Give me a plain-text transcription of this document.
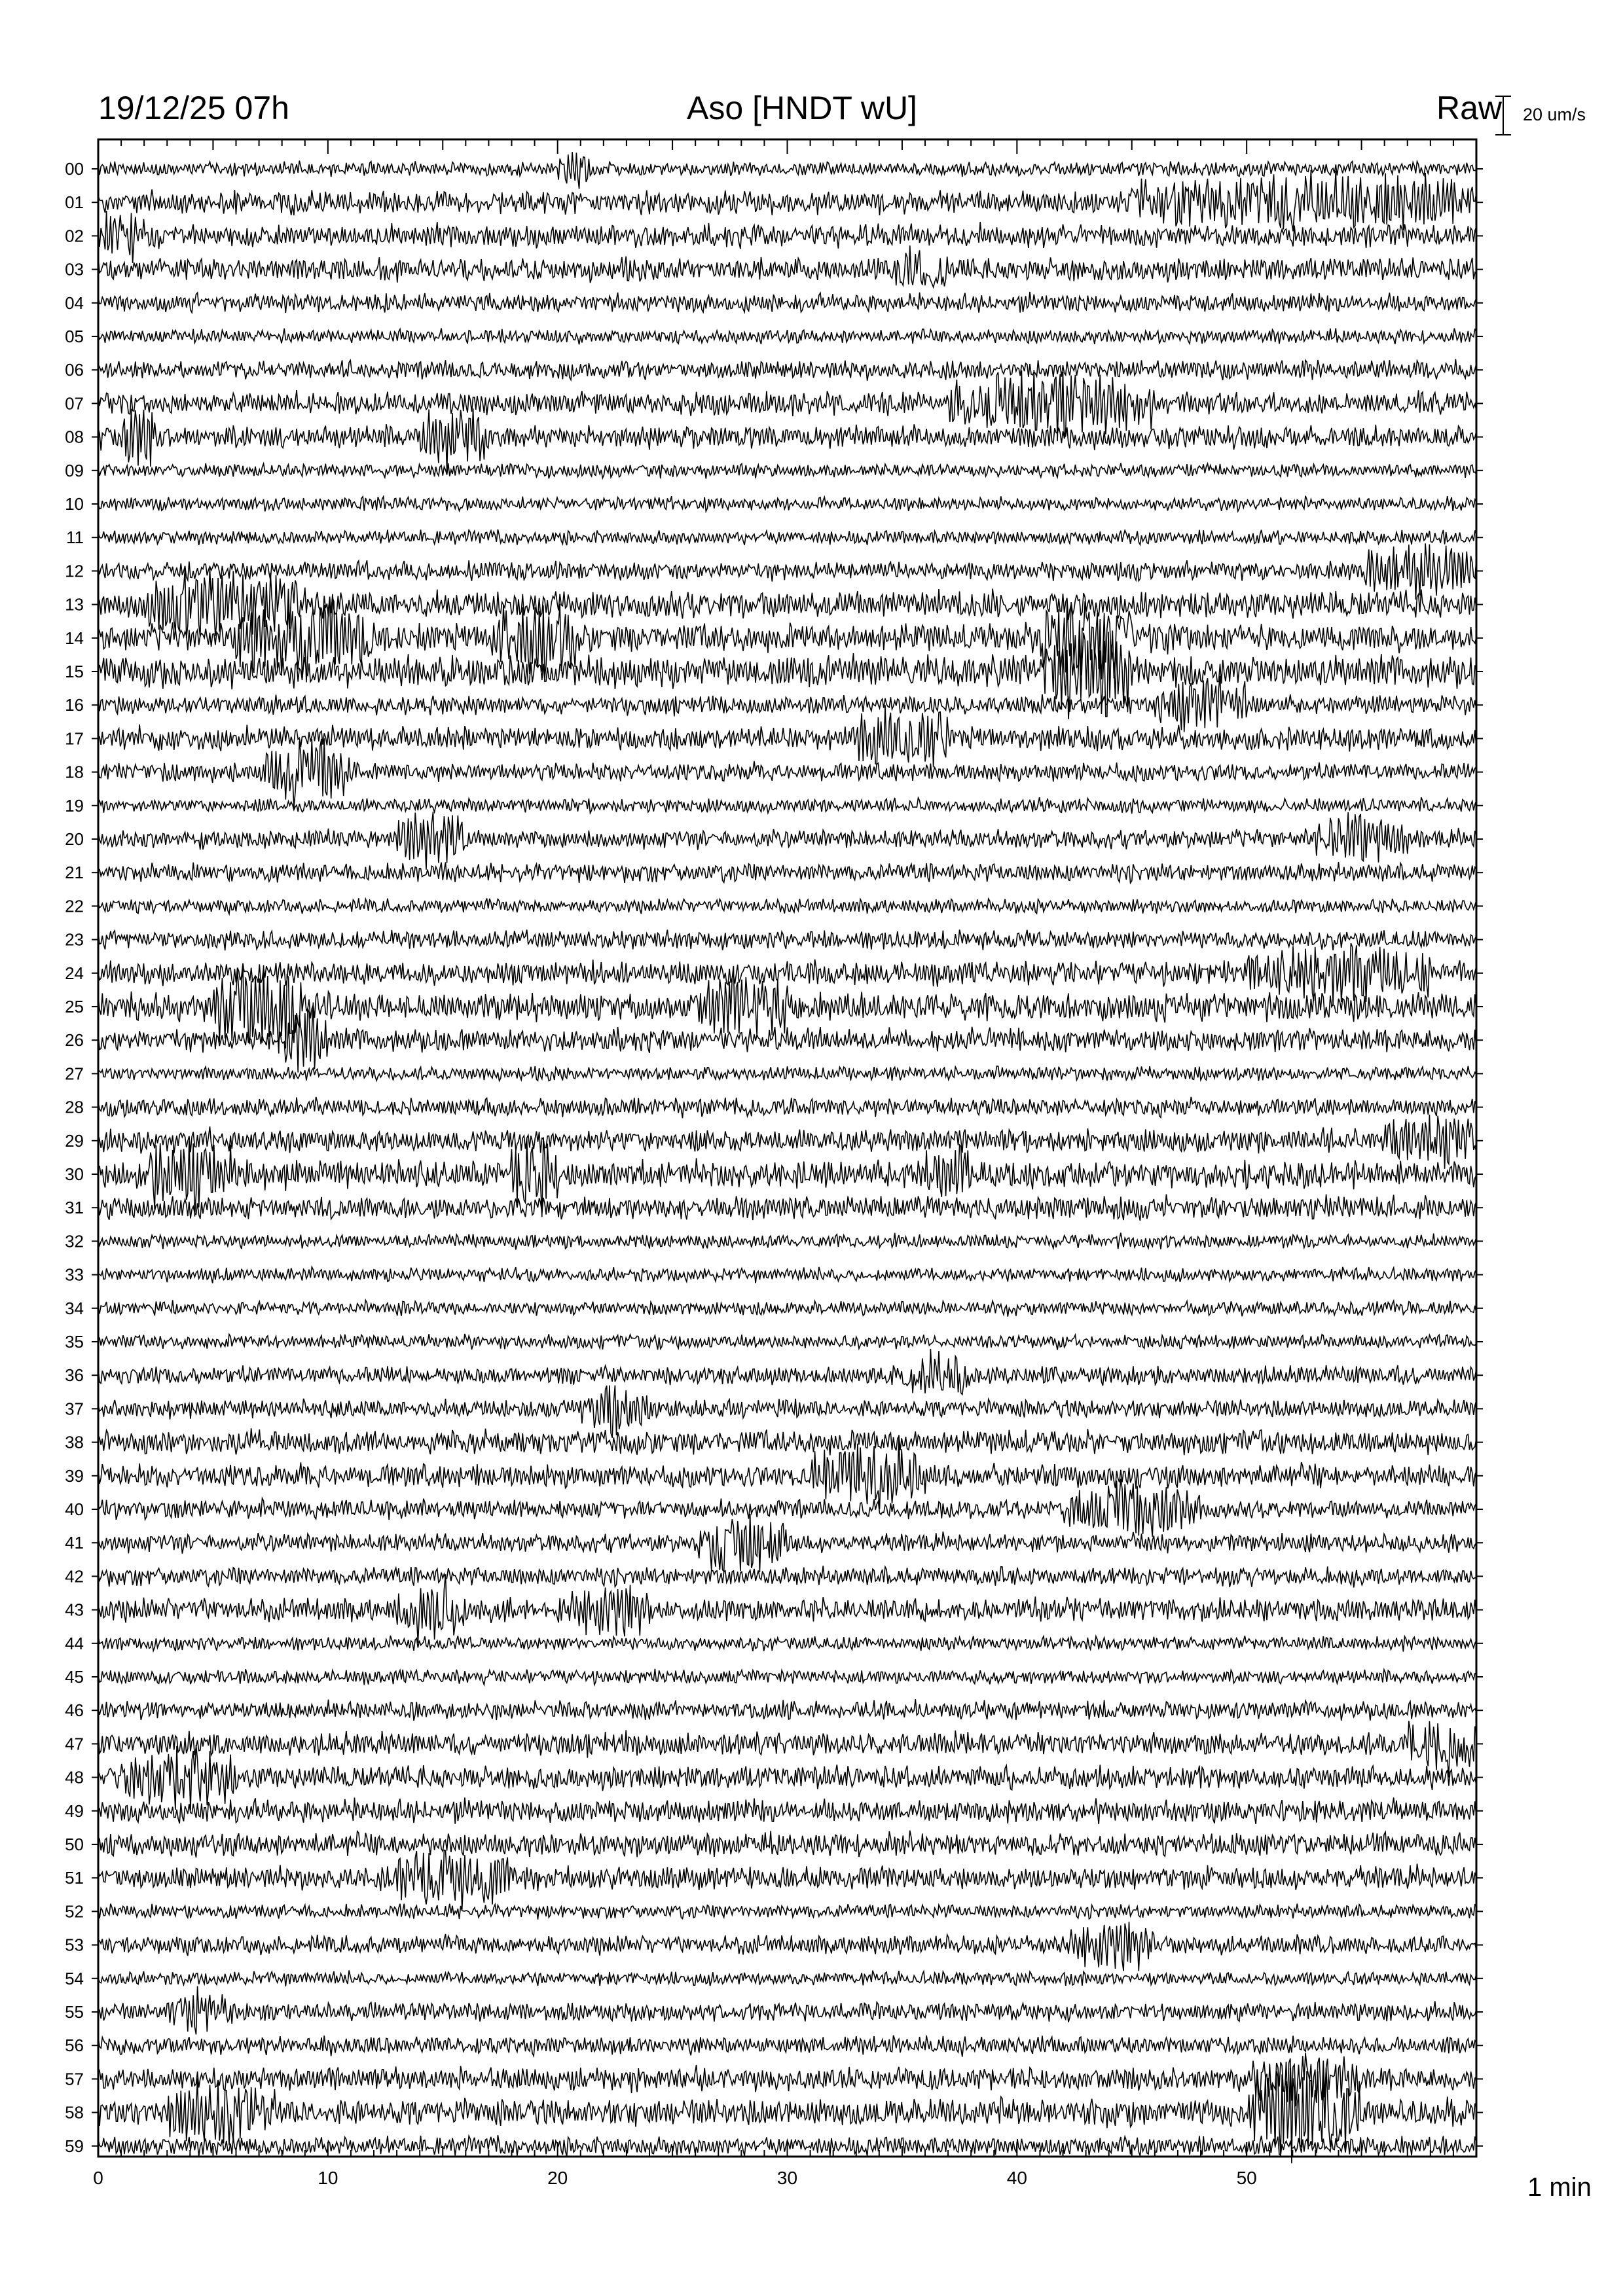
19/12/25 07h	Aso [HNDT wU]	Raw 20 um/s
00
01
02
03
04
05
06
07
08
09
10
11
12
13
14
15
16
17
18
19
20
21
22
23
24
25
26
27
28
29
30
31
32
33
34
35
36
37
38
39
40
41
42
43
44
45
46
47
48
49
50
51
52
53
54
55
56
57
58
59
0	10	20	30	40	50	1 min
